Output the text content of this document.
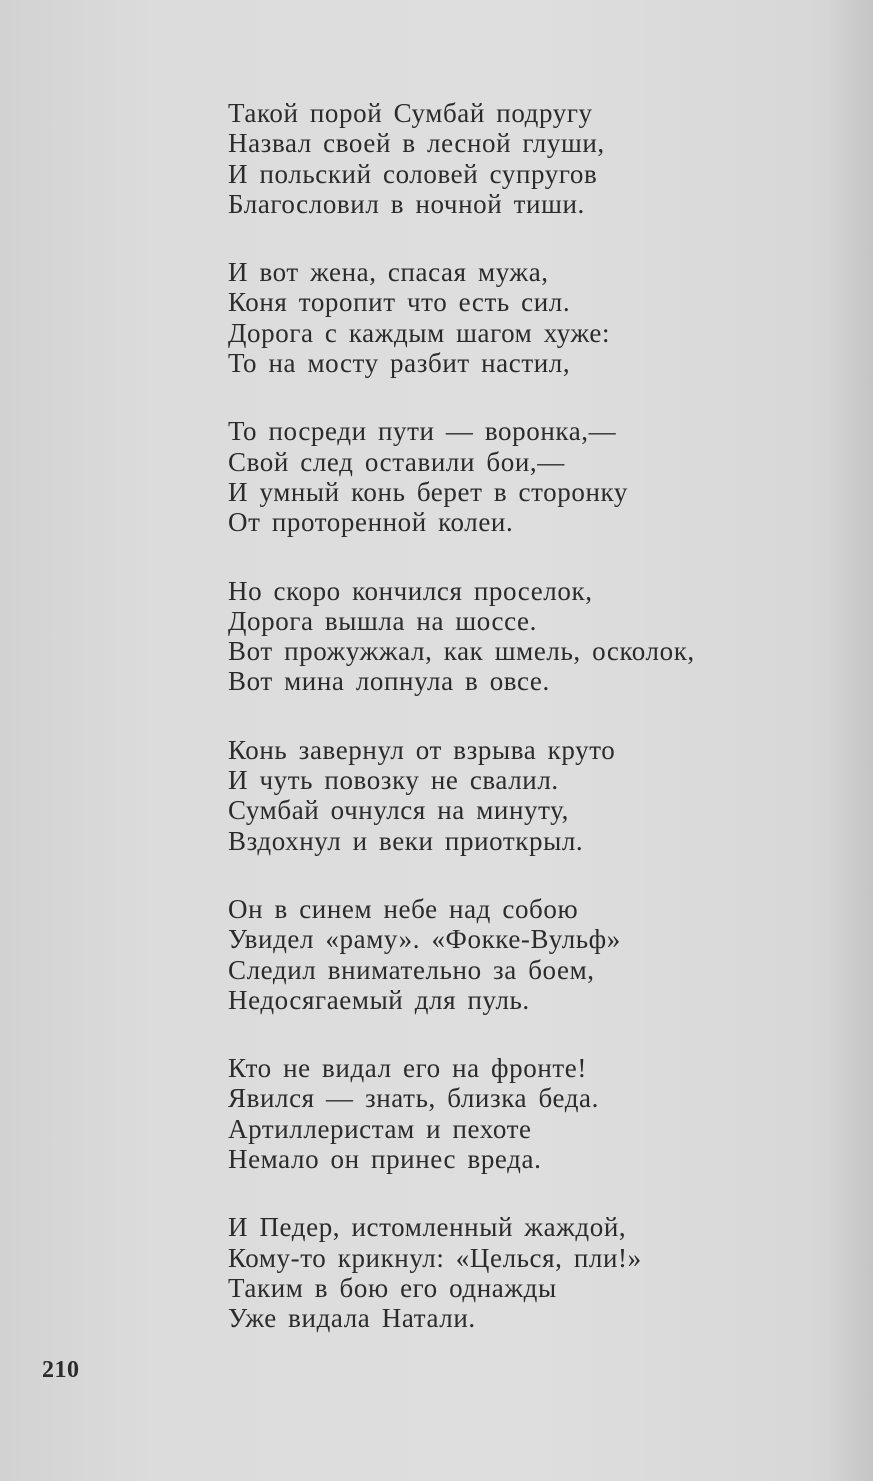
Такой порой Сумбай подругу
Назвал своей в лесной глуши,
И польский соловей супругов
Благословил в ночной тиши.
И вот жена, спасая мужа,
Коня торопит что есть сил.
Дорога с каждым шагом хуже:
То на мосту разбит настил,
То посреди пути — воронка,—
Свой след оставили бои,—
И умный конь берет в сторонку
От проторенной колеи.
Но скоро кончился проселок,
Дорога вышла на шоссе.
Вот прожужжал, как шмель, осколок,
Вот мина лопнула в овсе.
Конь завернул от взрыва круто
И чуть повозку не свалил.
Сумбай очнулся на минуту,
Вздохнул и веки приоткрыл.
Он в синем небе над собою
Увидел «раму». «Фокке-Вульф»
Следил внимательно за боем,
Недосягаемый для пуль.
Кто не видал его на фронте!
Явился — знать, близка беда.
Артиллеристам и пехоте
Немало он принес вреда.
И Педер, истомленный жаждой,
Кому-то крикнул: «Целься, пли!»
Таким в бою его однажды
Уже видала Натали.
210
